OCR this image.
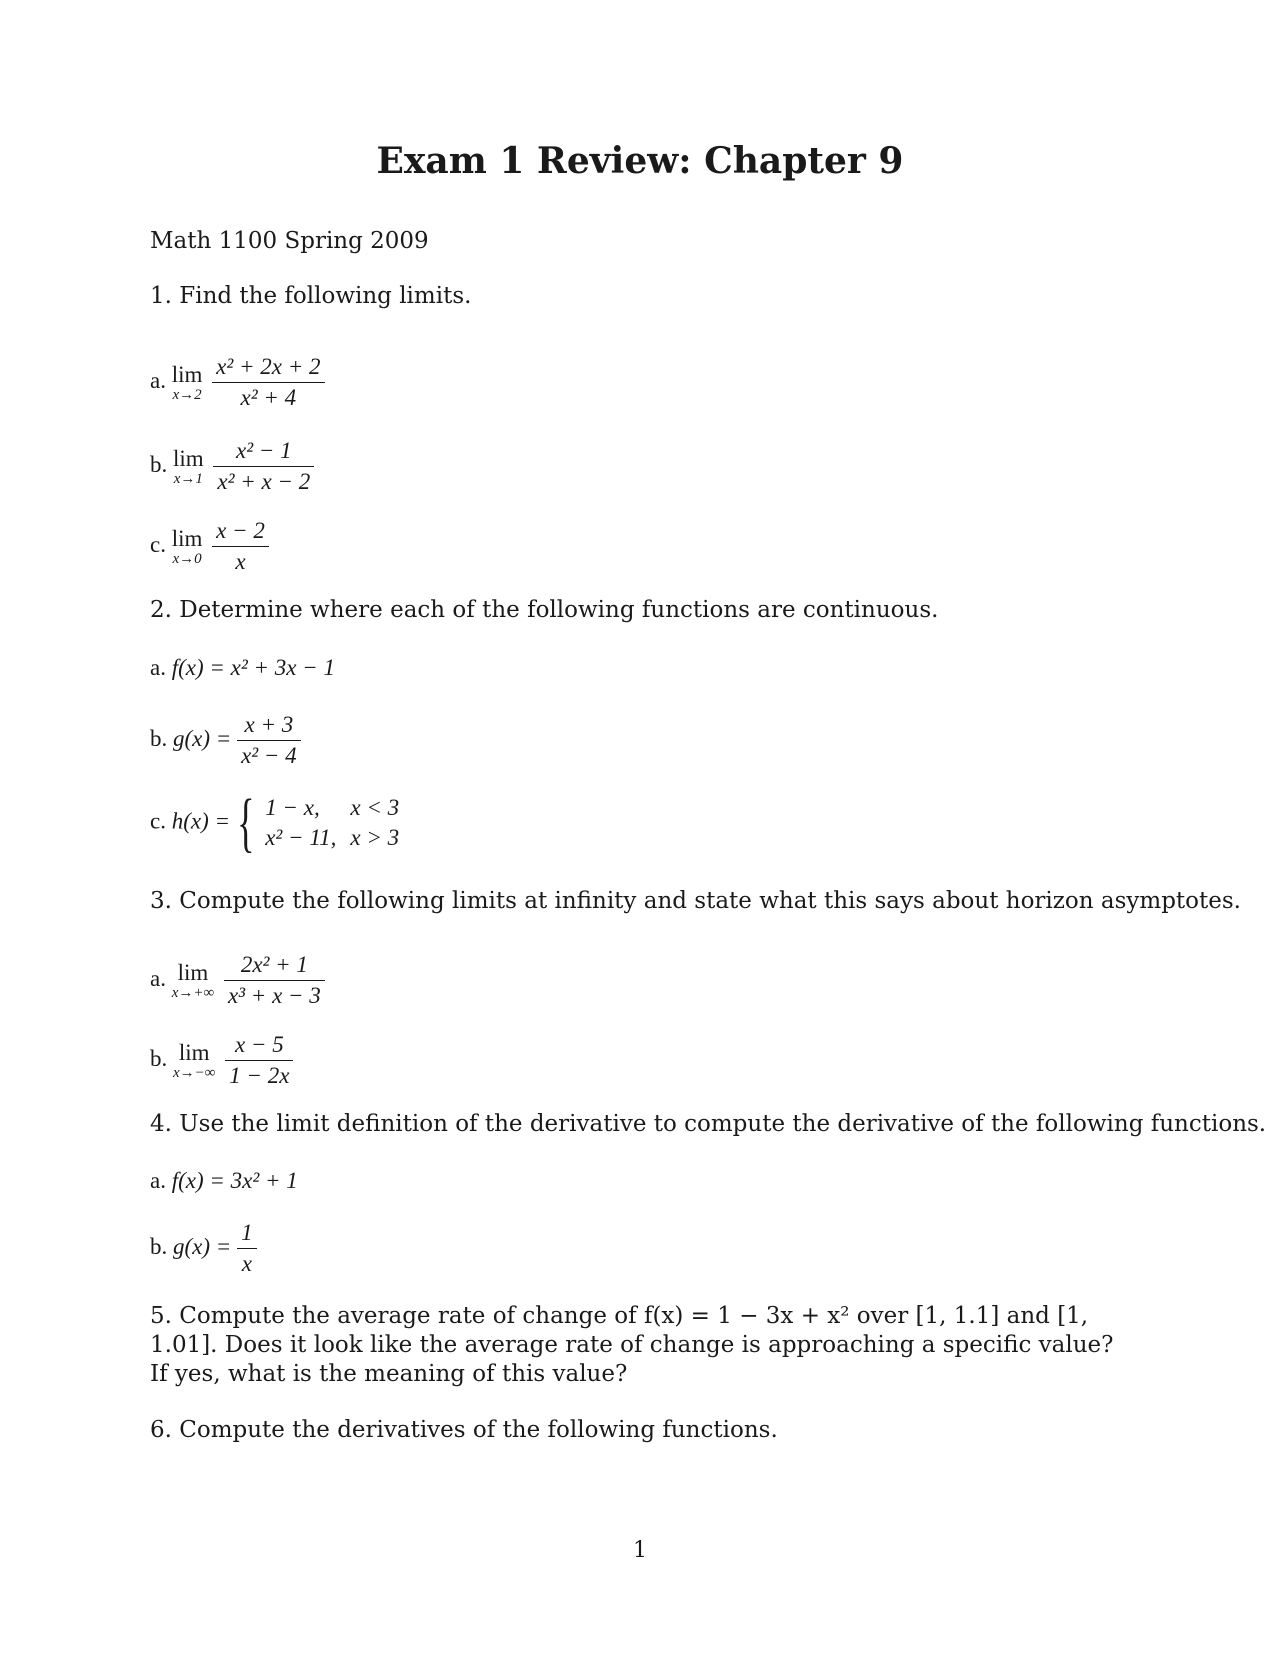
Exam 1 Review: Chapter 9
Math 1100 Spring 2009
1. Find the following limits.
a. lim
x→2
$\frac{\text{x² + 2x + 2}}{\text{x² + 4}}$
b. lim
x→1
$\frac{\text{x² − 1}}{\text{x² + x − 2}}$
c. lim
x→0
$\frac{x - 2}{x}$
2. Determine where each of the following functions are continuous.
a. f(x) = x² + 3x − 1
b. $g(x) = \frac{x + 3}{\text{x² − 4}}$
c. h(x) = { 1 − x,	x < 3
x² − 11,	x > 3
3. Compute the following limits at infinity and state what this says about horizon asymptotes.
a. lim
x→+∞
$\frac{\text{2x² + 1}}{\text{x³ + x − 3}}$
b. lim
x→−∞
$\frac{x - 5}{1 - 2x}$
4. Use the limit definition of the derivative to compute the derivative of the following functions.
a. f(x) = 3x² + 1
b. $g(x) = \frac{1}{x}$
5. Compute the average rate of change of f(x) = 1 − 3x + x² over [1, 1.1] and [1, 1.01]. Does it look like the average rate of change is approaching a specific value? If yes, what is the meaning of this value?
6. Compute the derivatives of the following functions.
1
